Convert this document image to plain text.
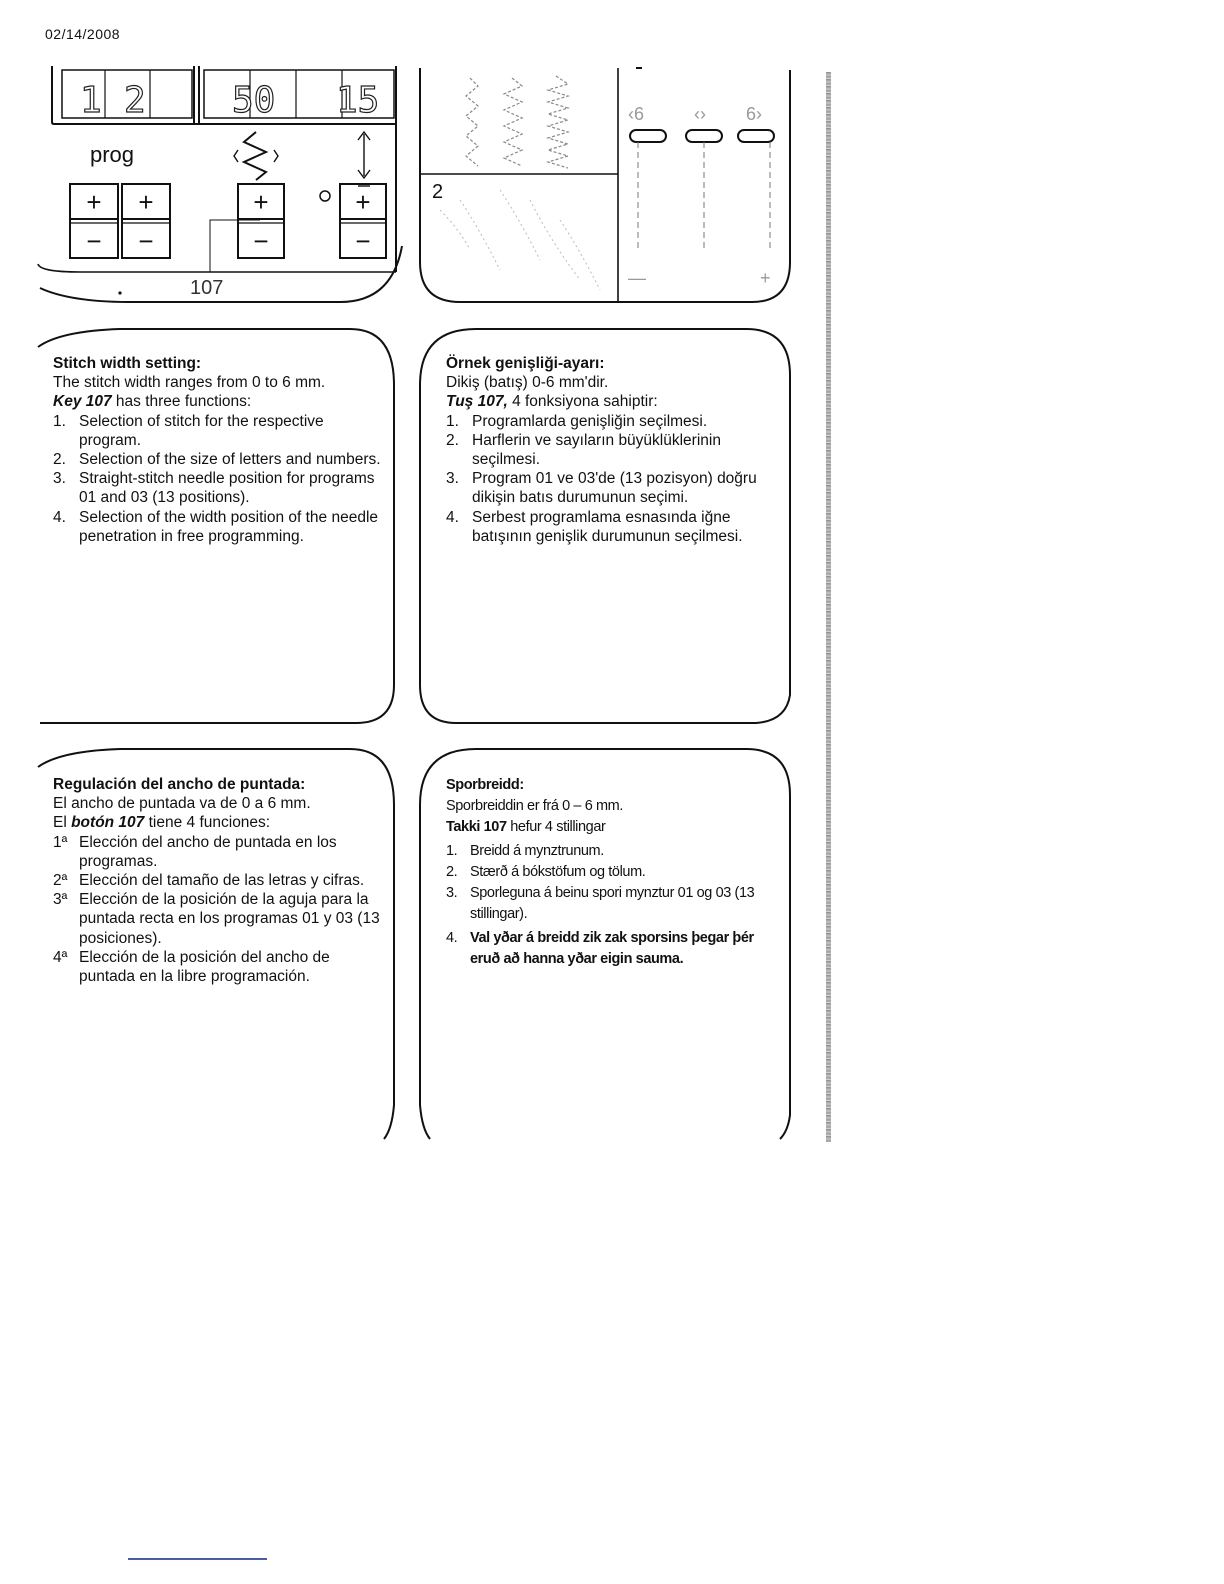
02/14/2008
1 2 50 15
prog
+
−
+
−
+
−
+
−
107
2
‹6	‹› 6›
—	+
Stitch width setting:
The stitch width ranges from 0 to 6 mm.
Key 107 has three functions:
1. Selection of stitch for the respective program.
2. Selection of the size of letters and numbers.
3. Straight-stitch needle position for programs 01 and 03 (13 positions).
4. Selection of the width position of the needle penetration in free programming.
Örnek genişliği-ayarı:
Dikiş (batış) 0-6 mm'dir.
Tuş 107, 4 fonksiyona sahiptir:
1. Programlarda genişliğin seçilmesi.
2. Harflerin ve sayıların büyüklüklerinin seçilmesi.
3. Program 01 ve 03'de (13 pozisyon) doğru dikişin batıs durumunun seçimi.
4. Serbest programlama esnasında iğne batışının genişlik durumunun seçilmesi.
Regulación del ancho de puntada:
El ancho de puntada va de 0 a 6 mm.
El botón 107 tiene 4 funciones:
1ª Elección del ancho de puntada en los programas.
2ª Elección del tamaño de las letras y cifras.
3ª Elección de la posición de la aguja para la puntada recta en los programas 01 y 03 (13 posiciones).
4ª Elección de la posición del ancho de puntada en la libre programación.
Sporbreidd:
Sporbreiddin er frá 0 – 6 mm.
Takki 107 hefur 4 stillingar
1. Breidd á mynztrunum.
2. Stærð á bókstöfum og tölum.
3. Sporleguna á beinu spori mynztur 01 og 03 (13 stillingar).
4. Val yðar á breidd zik zak sporsins þegar þér eruð að hanna yðar eigin sauma.
